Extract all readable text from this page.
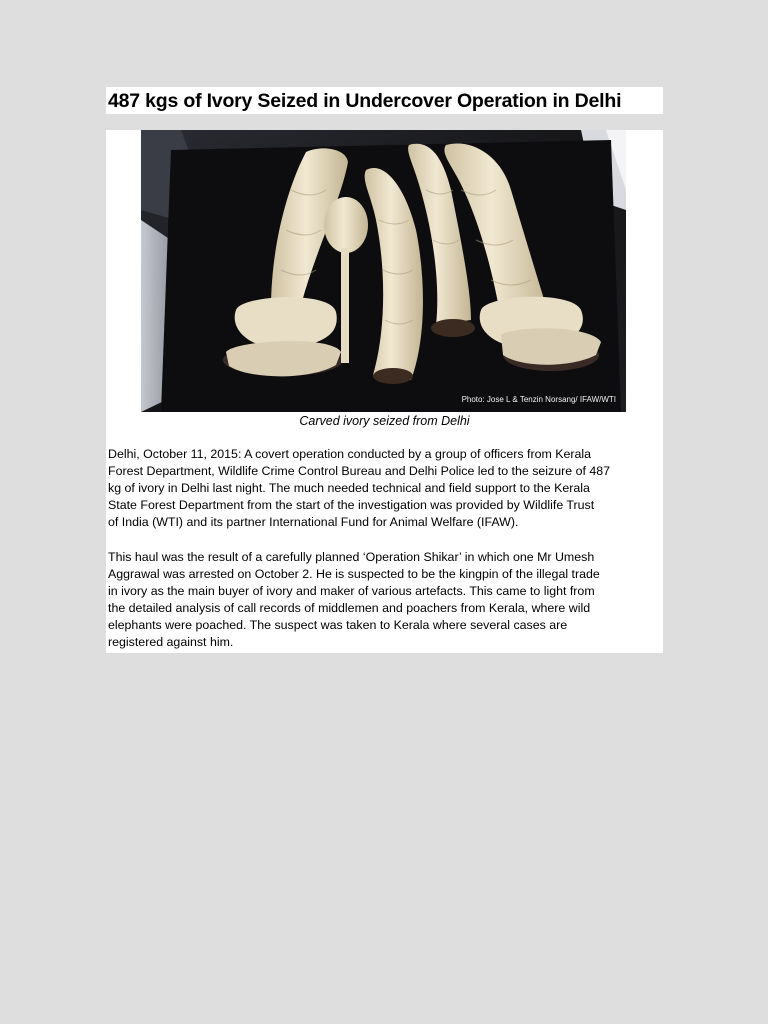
487 kgs of Ivory Seized in Undercover Operation in Delhi
Photo: Jose L & Tenzin Norsang/ IFAW/WTI
Carved ivory seized from Delhi

Delhi, October 11, 2015: A covert operation conducted by a group of officers from Kerala
Forest Department, Wildlife Crime Control Bureau and Delhi Police led to the seizure of 487
kg of ivory in Delhi last night. The much needed technical and field support to the Kerala
State Forest Department from the start of the investigation was provided by Wildlife Trust
of India (WTI) and its partner International Fund for Animal Welfare (IFAW).

This haul was the result of a carefully planned ‘Operation Shikar’ in which one Mr Umesh
Aggrawal was arrested on October 2. He is suspected to be the kingpin of the illegal trade
in ivory as the main buyer of ivory and maker of various artefacts. This came to light from
the detailed analysis of call records of middlemen and poachers from Kerala, where wild
elephants were poached. The suspect was taken to Kerala where several cases are
registered against him.
